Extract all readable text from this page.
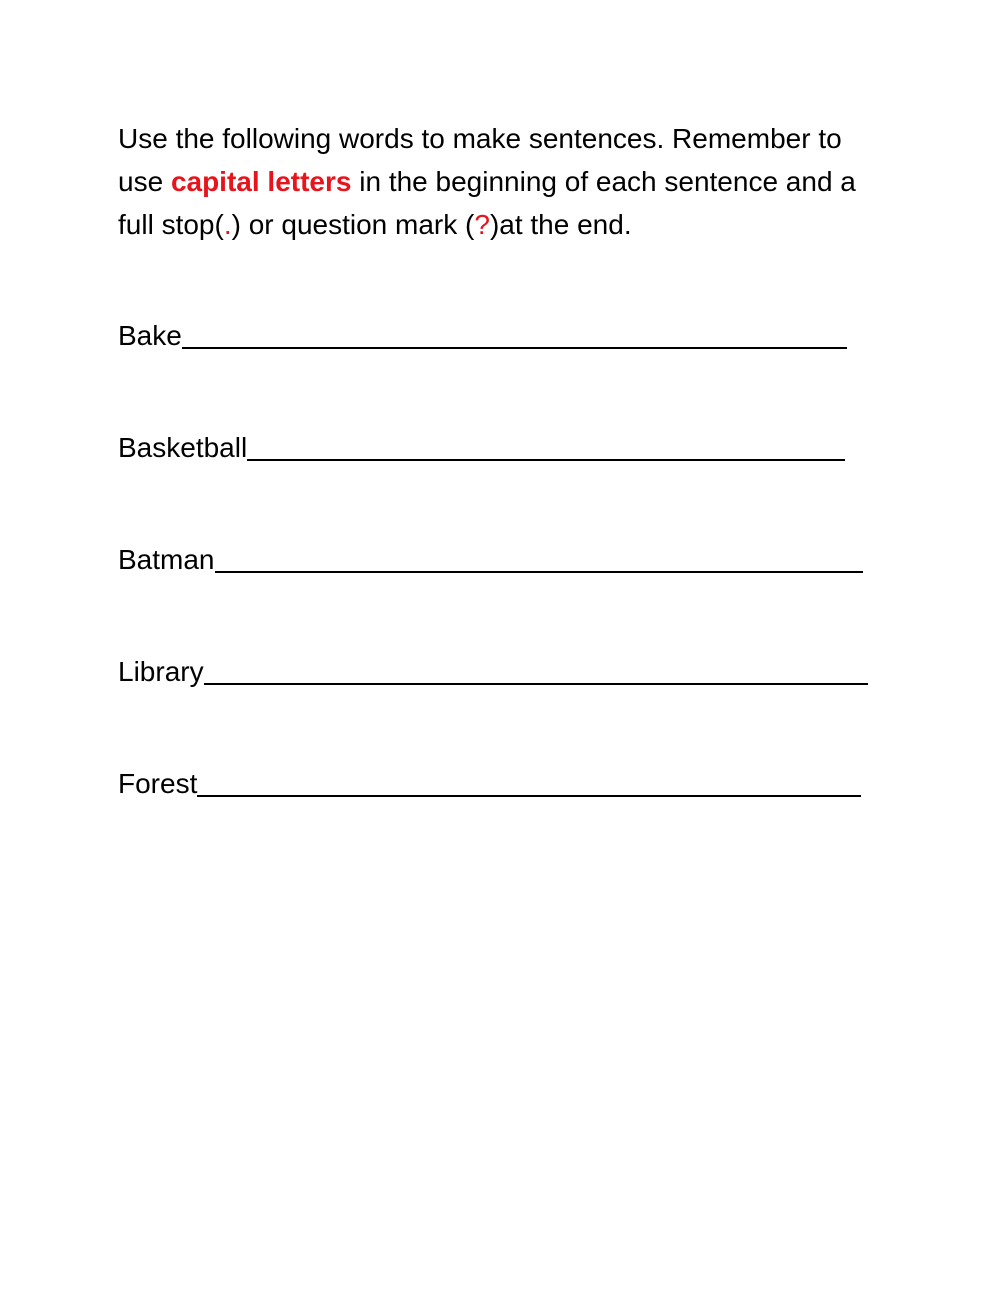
Use the following words to make sentences. Remember to use capital letters in the beginning of each sentence and a full stop(.) or question mark (?)at the end.

Bake
Basketball
Batman
Library
Forest
